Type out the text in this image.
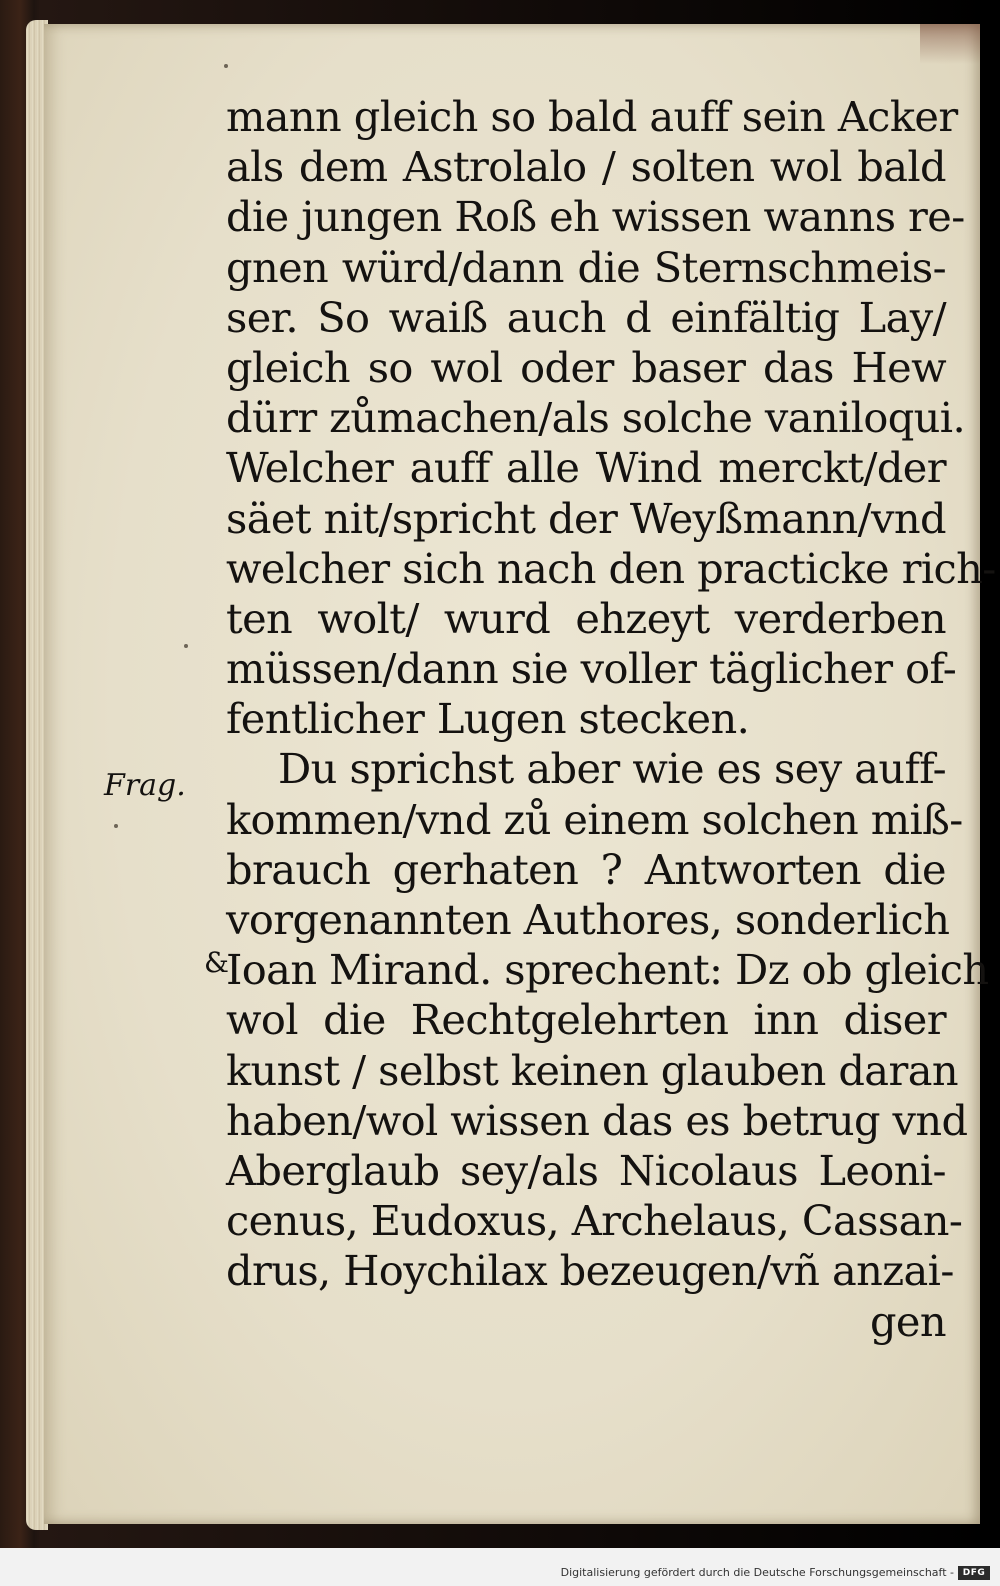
Frag.
&
mann gleich so bald auff sein Acker
als dem Astrolalo / solten wol bald
die jungen Roß eh wissen wanns re-
gnen würd/dann die Sternschmeis-
ser. So waiß auch d einfältig Lay/
gleich so wol oder baser das Hew
dürr zůmachen/als solche vaniloqui.
Welcher auff alle Wind merckt/der
säet nit/spricht der Weyßmann/vnd
welcher sich nach den practicke rich-
ten wolt/ wurd ehzeyt verderben
müssen/dann sie voller täglicher of-
fentlicher Lugen stecken.
Du sprichst aber wie es sey auff-
kommen/vnd zů einem solchen miß-
brauch gerhaten ? Antworten die
vorgenannten Authores, sonderlich
Ioan Mirand. sprechent: Dz ob gleich
wol die Rechtgelehrten inn diser
kunst / selbst keinen glauben daran
haben/wol wissen das es betrug vnd
Aberglaub sey/als Nicolaus Leoni-
cenus, Eudoxus, Archelaus, Cassan-
drus, Hoychilax bezeugen/vñ anzai-
gen
Digitalisierung gefördert durch die Deutsche Forschungsgemeinschaft - DFG
